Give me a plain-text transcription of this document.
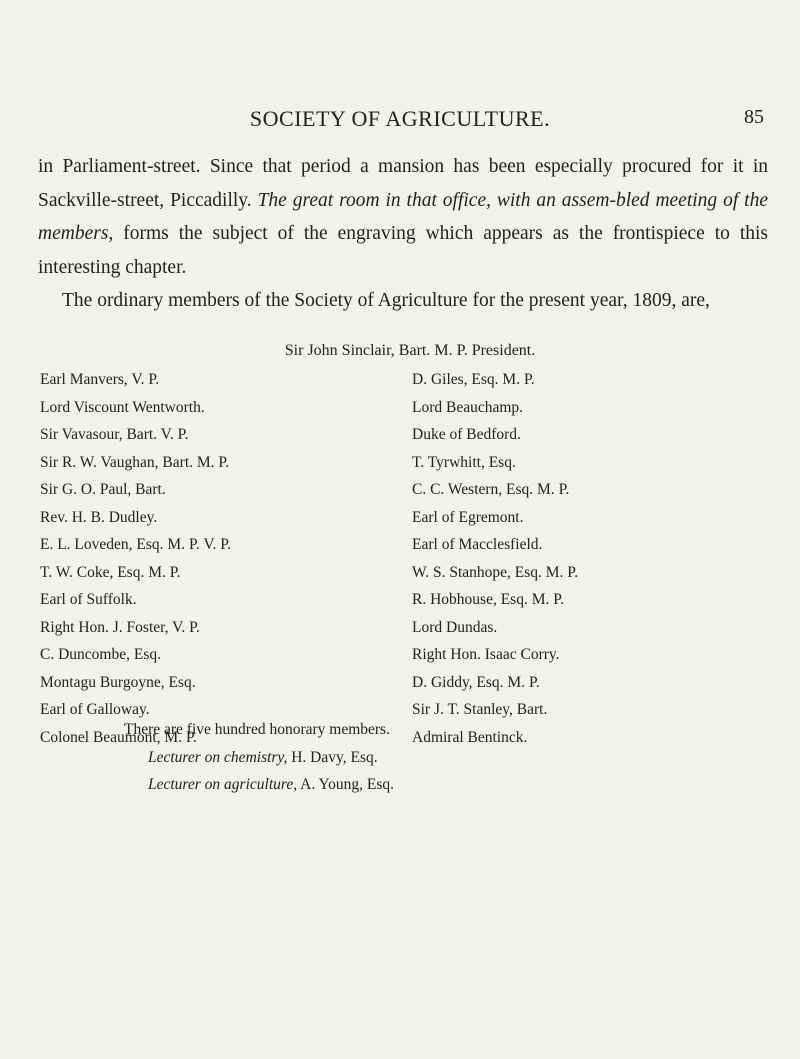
SOCIETY OF AGRICULTURE.	85

in Parliament-street. Since that period a mansion has been especially procured for it in Sackville-street, Piccadilly. The great room in that office, with an assem-bled meeting of the members, forms the subject of the engraving which appears as the frontispiece to this interesting chapter.

The ordinary members of the Society of Agriculture for the present year, 1809, are,

Sir John Sinclair, Bart. M. P. President.
Earl Manvers, V. P.
Lord Viscount Wentworth.
Sir Vavasour, Bart. V. P.
Sir R. W. Vaughan, Bart. M. P.
Sir G. O. Paul, Bart.
Rev. H. B. Dudley.
E. L. Loveden, Esq. M. P. V. P.
T. W. Coke, Esq. M. P.
Earl of Suffolk.
Right Hon. J. Foster, V. P.
C. Duncombe, Esq.
Montagu Burgoyne, Esq.
Earl of Galloway.
Colonel Beaumont, M. P.
D. Giles, Esq. M. P.
Lord Beauchamp.
Duke of Bedford.
T. Tyrwhitt, Esq.
C. C. Western, Esq. M. P.
Earl of Egremont.
Earl of Macclesfield.
W. S. Stanhope, Esq. M. P.
R. Hobhouse, Esq. M. P.
Lord Dundas.
Right Hon. Isaac Corry.
D. Giddy, Esq. M. P.
Sir J. T. Stanley, Bart.
Admiral Bentinck.
There are five hundred honorary members.
Lecturer on chemistry, H. Davy, Esq.
Lecturer on agriculture, A. Young, Esq.
